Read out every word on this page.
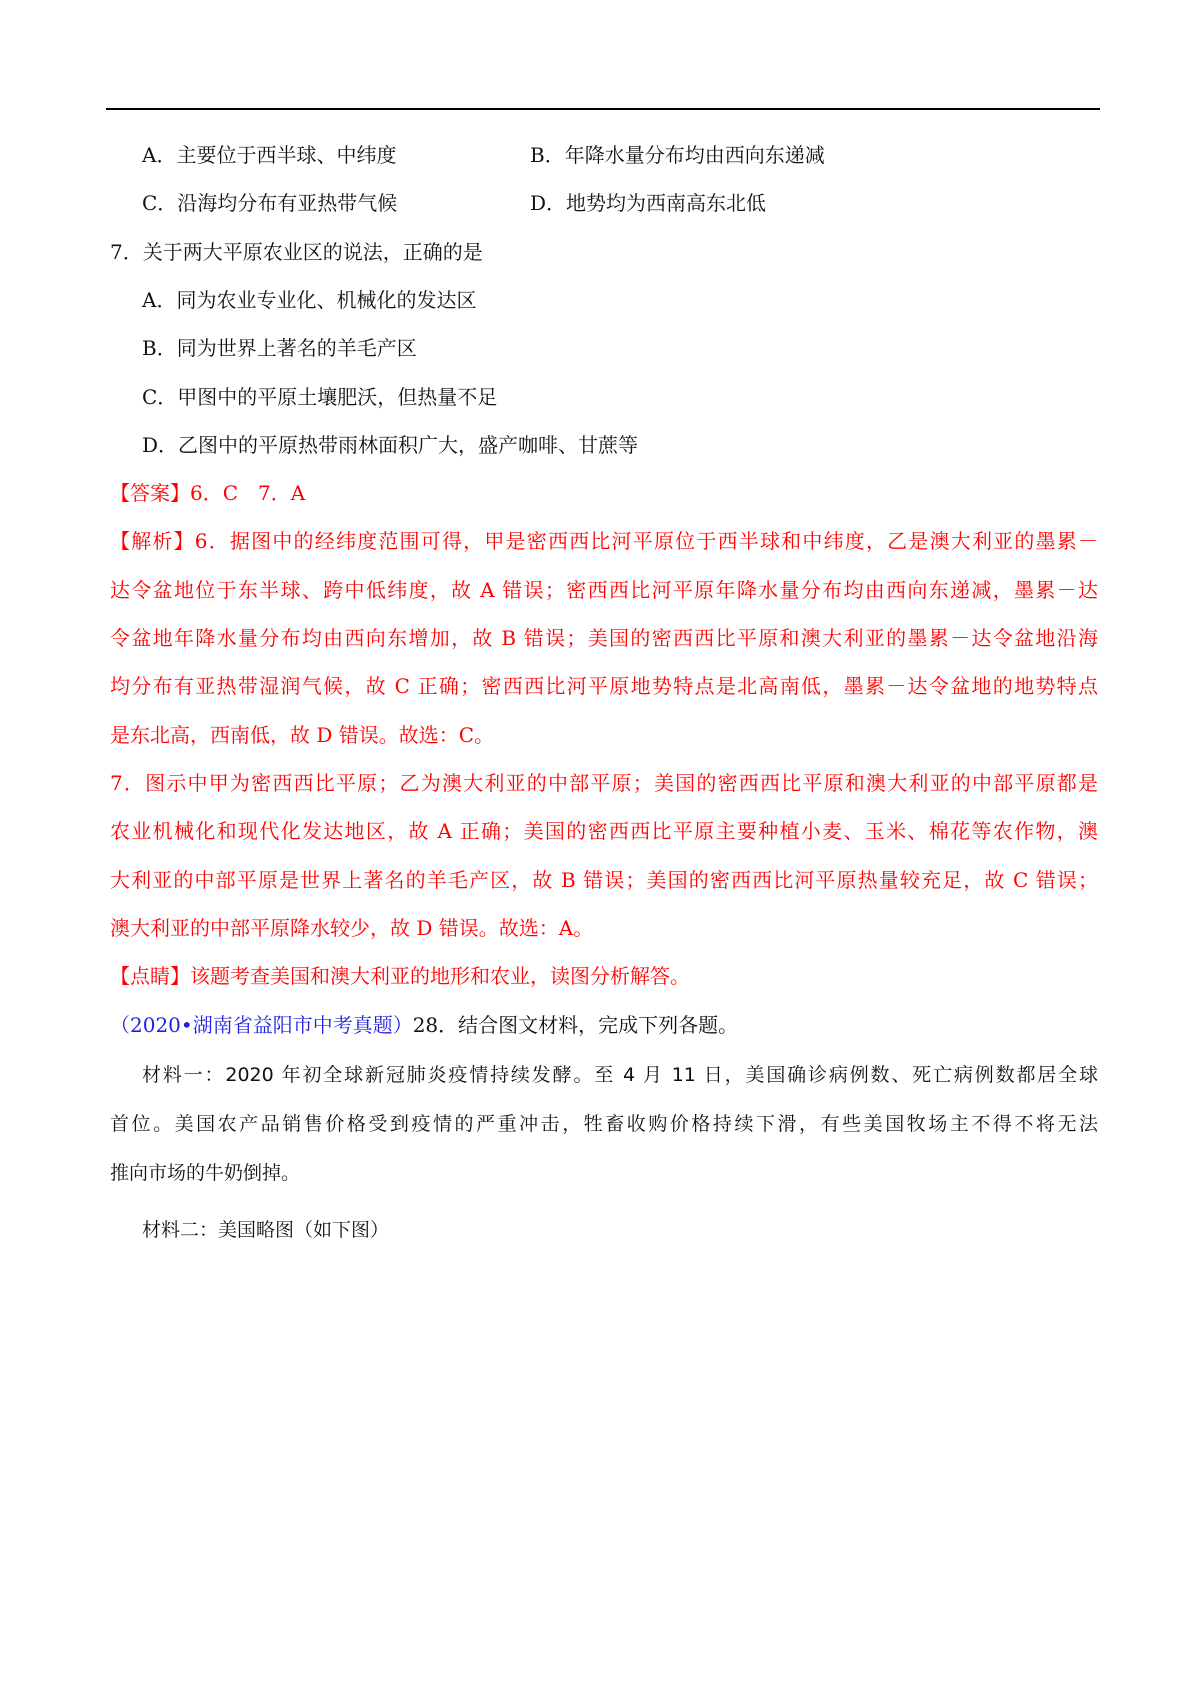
A．主要位于西半球、中纬度	B．年降水量分布均由西向东递减
C．沿海均分布有亚热带气候	D．地势均为西南高东北低
7．关于两大平原农业区的说法，正确的是
A．同为农业专业化、机械化的发达区
B．同为世界上著名的羊毛产区
C．甲图中的平原土壤肥沃，但热量不足
D．乙图中的平原热带雨林面积广大，盛产咖啡、甘蔗等
【答案】6．C　7．A
【解析】6．据图中的经纬度范围可得，甲是密西西比河平原位于西半球和中纬度，乙是澳大利亚的墨累－
达令盆地位于东半球、跨中低纬度，故 A 错误；密西西比河平原年降水量分布均由西向东递减，墨累－达
令盆地年降水量分布均由西向东增加，故 B 错误；美国的密西西比平原和澳大利亚的墨累－达令盆地沿海
均分布有亚热带湿润气候，故 C 正确；密西西比河平原地势特点是北高南低，墨累－达令盆地的地势特点
是东北高，西南低，故 D 错误。故选：C。
7．图示中甲为密西西比平原；乙为澳大利亚的中部平原；美国的密西西比平原和澳大利亚的中部平原都是
农业机械化和现代化发达地区，故 A 正确；美国的密西西比平原主要种植小麦、玉米、棉花等农作物，澳
大利亚的中部平原是世界上著名的羊毛产区，故 B 错误；美国的密西西比河平原热量较充足，故 C 错误；
澳大利亚的中部平原降水较少，故 D 错误。故选：A。
【点睛】该题考查美国和澳大利亚的地形和农业，读图分析解答。
（2020•湖南省益阳市中考真题）28．结合图文材料，完成下列各题。
材料一：2020 年初全球新冠肺炎疫情持续发酵。至 4 月 11 日，美国确诊病例数、死亡病例数都居全球
首位。美国农产品销售价格受到疫情的严重冲击，牲畜收购价格持续下滑，有些美国牧场主不得不将无法
推向市场的牛奶倒掉。
材料二：美国略图（如下图）
